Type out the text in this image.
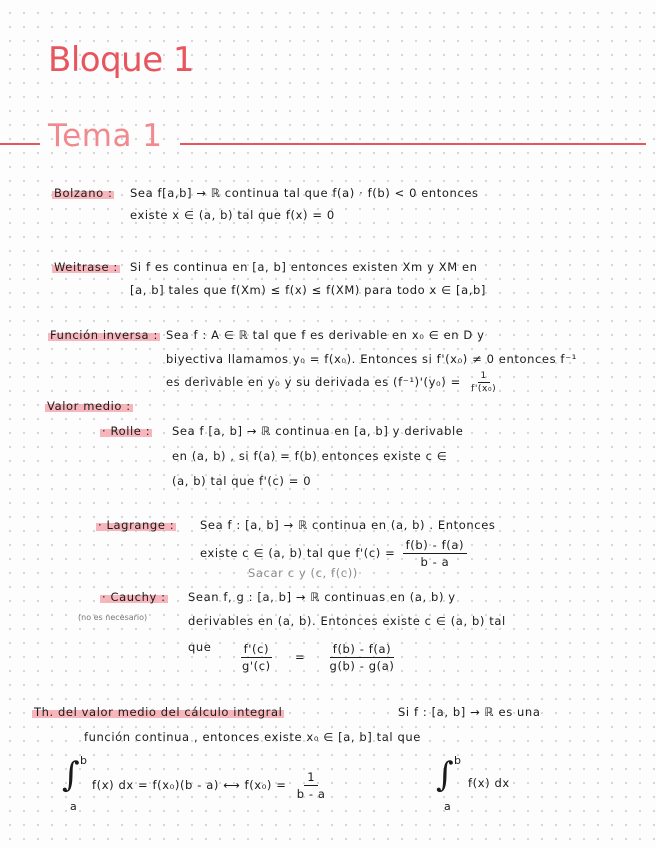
Bloque 1
Tema 1
Bolzano : Sea f[a,b] → ℝ continua tal que f(a) · f(b) < 0 entonces
existe x ∈ (a, b) tal que f(x) = 0
Weitrase : Si f es continua en [a, b] entonces existen Xm y XM en
[a, b] tales que f(Xm) ≤ f(x) ≤ f(XM) para todo x ∈ [a,b]
Función inversa : Sea f : A ∈ ℝ tal que f es derivable en x₀ ∈ en D y
biyectiva llamamos y₀ = f(x₀). Entonces si f'(x₀) ≠ 0 entonces f⁻¹
es derivable en y₀ y su derivada es $(f^{-1})'(y_0) = \frac{1}{\text{f'(x₀)}}$
Valor medio :
· Rolle : Sea f [a, b] → ℝ continua en [a, b] y derivable
en (a, b) , si f(a) = f(b) entonces existe c ∈
(a, b) tal que f'(c) = 0
· Lagrange : Sea f : [a, b] → ℝ continua en (a, b) . Entonces
existe c ∈ (a, b) tal que $f'(c) = \frac{f(b) - f(a)}{b - a}$
Sacar c y (c, f(c))
· Cauchy :
(no es necesario)
Sean f, g : [a, b] → ℝ continuas en (a, b) y
derivables en (a, b). Entonces existe c ∈ (a, b) tal
que $\frac{f'(c)}{g'(c)} = \frac{f(b) - f(a)}{g(b) - g(a)}$
Th. del valor medio del cálculo integral	Si f : [a, b] → ℝ es una
función continua , entonces existe x₀ ∈ [a, b] tal que
∫ b
a
f(x) dx = f(x₀)(b - a) ⟷ $f(x_0) = \frac{1}{b - a}$	∫ b
a
f(x) dx
